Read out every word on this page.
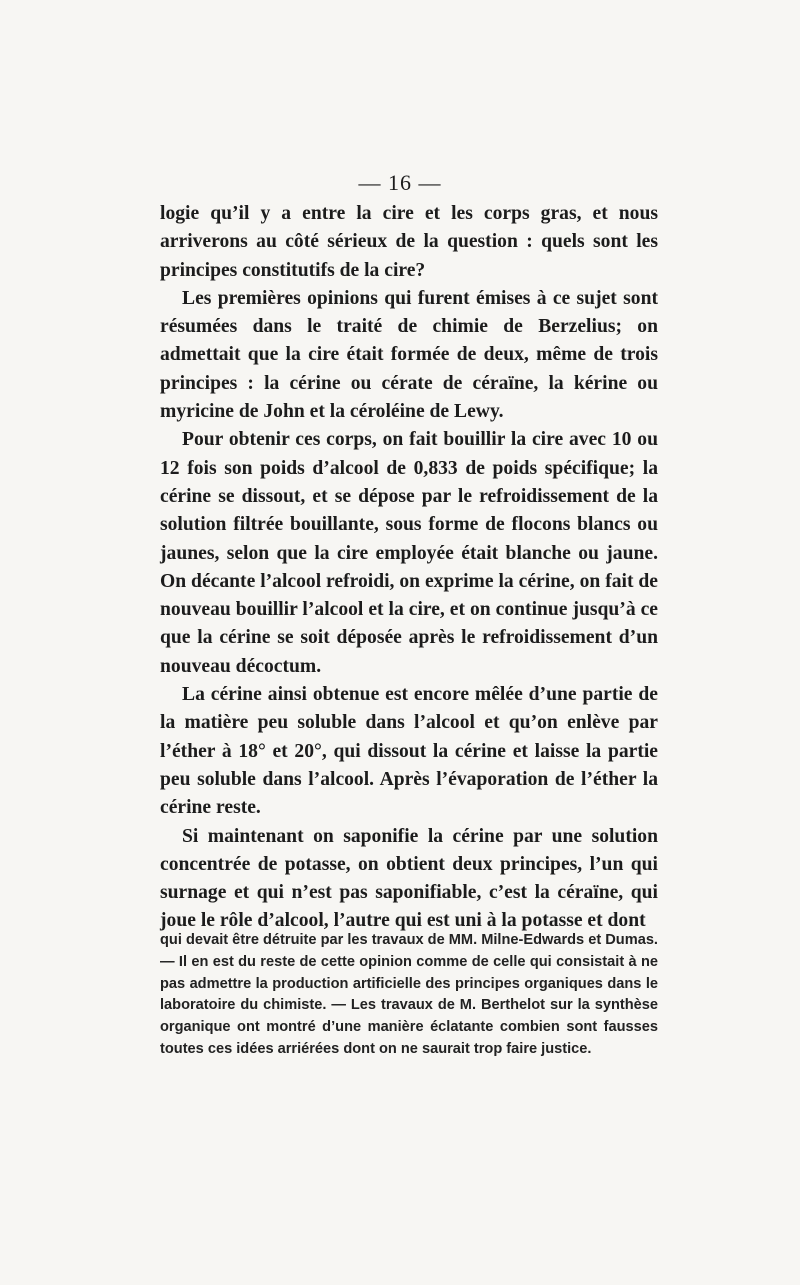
— 16 —

logie qu’il y a entre la cire et les corps gras, et nous arriverons au côté sérieux de la question : quels sont les principes constitutifs de la cire?

Les premières opinions qui furent émises à ce sujet sont résumées dans le traité de chimie de Berzelius; on admettait que la cire était formée de deux, même de trois principes : la cérine ou cérate de céraïne, la kérine ou myricine de John et la céroléine de Lewy.

Pour obtenir ces corps, on fait bouillir la cire avec 10 ou 12 fois son poids d’alcool de 0,833 de poids spécifique; la cérine se dissout, et se dépose par le refroidissement de la solution filtrée bouillante, sous forme de flocons blancs ou jaunes, selon que la cire employée était blanche ou jaune. On décante l’alcool refroidi, on exprime la cérine, on fait de nouveau bouillir l’alcool et la cire, et on continue jusqu’à ce que la cérine se soit déposée après le refroidissement d’un nouveau décoctum.

La cérine ainsi obtenue est encore mêlée d’une partie de la matière peu soluble dans l’alcool et qu’on enlève par l’éther à 18° et 20°, qui dissout la cérine et laisse la partie peu soluble dans l’alcool. Après l’évaporation de l’éther la cérine reste.

Si maintenant on saponifie la cérine par une solution concentrée de potasse, on obtient deux principes, l’un qui surnage et qui n’est pas saponifiable, c’est la céraïne, qui joue le rôle d’alcool, l’autre qui est uni à la potasse et dont

qui devait être détruite par les travaux de MM. Milne-Edwards et Dumas. — Il en est du reste de cette opinion comme de celle qui consistait à ne pas admettre la production artificielle des principes organiques dans le laboratoire du chimiste. — Les travaux de M. Berthelot sur la synthèse organique ont montré d’une manière éclatante combien sont fausses toutes ces idées arriérées dont on ne saurait trop faire justice.
